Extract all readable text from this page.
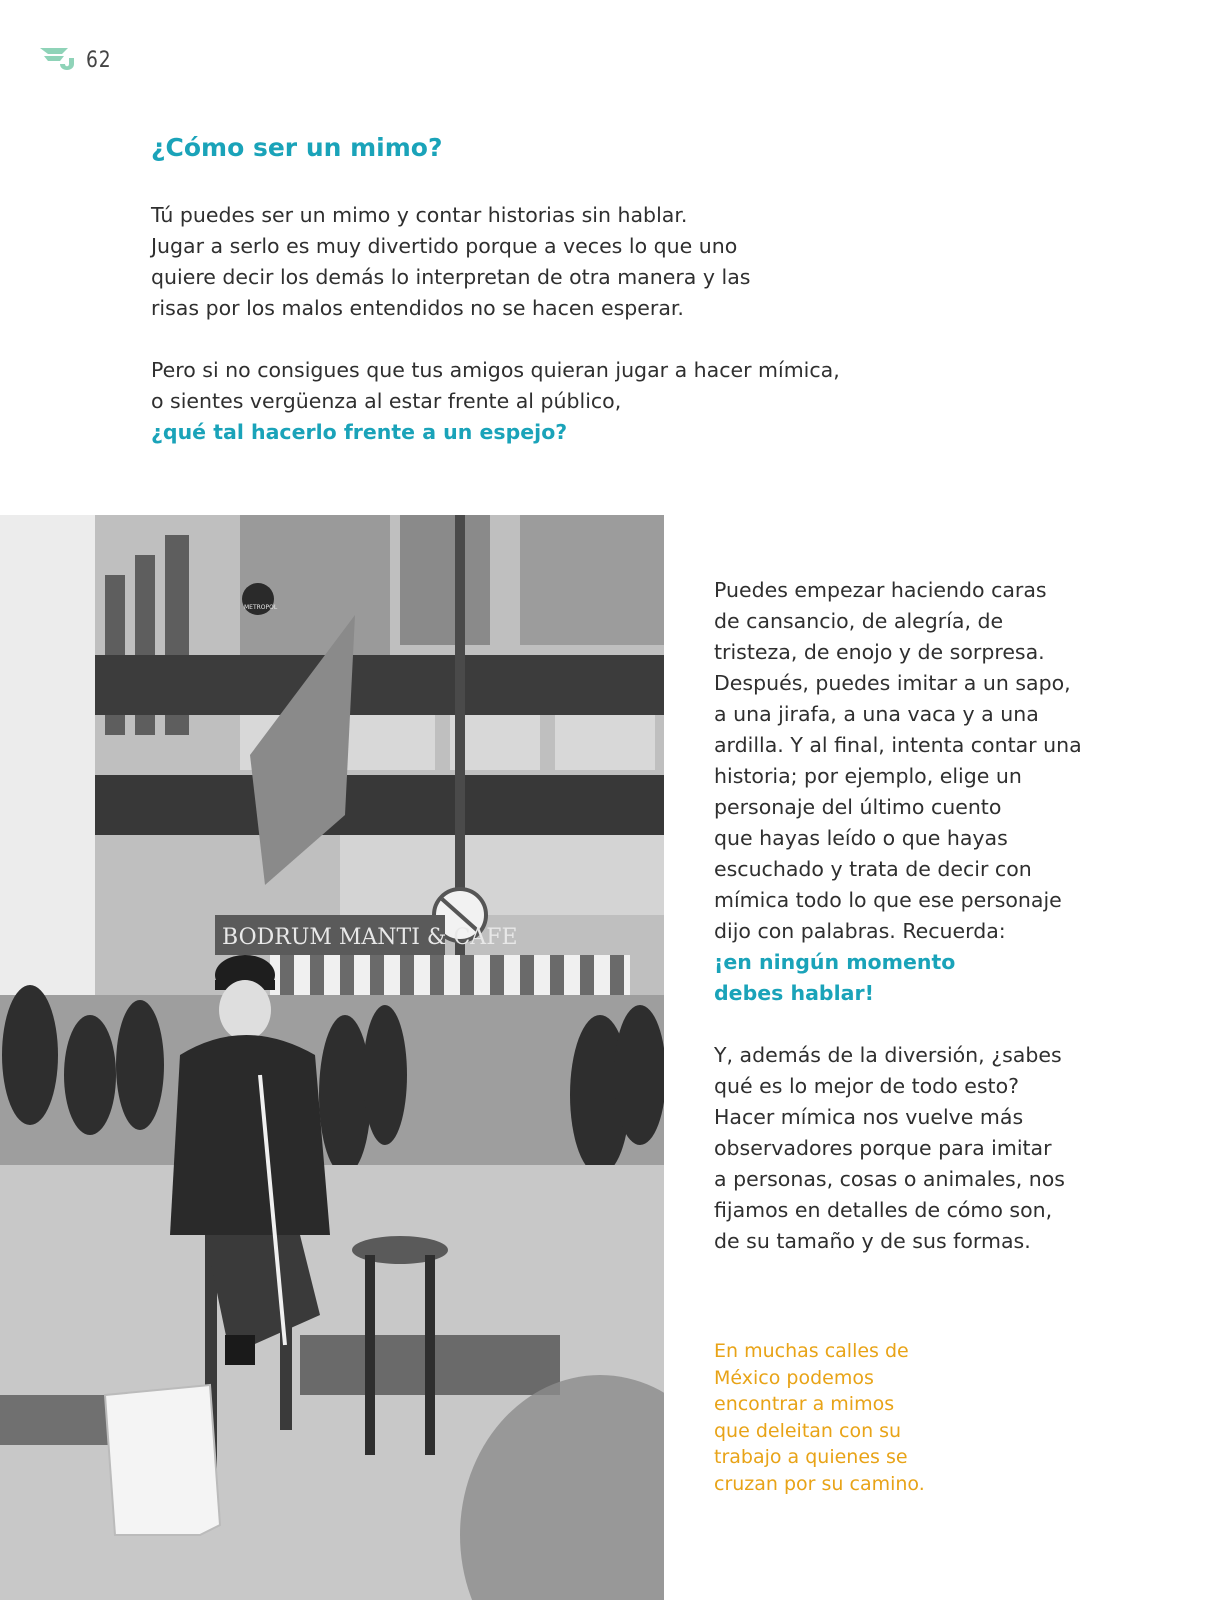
62
¿Cómo ser un mimo?

Tú puedes ser un mimo y contar historias sin hablar.
Jugar a serlo es muy divertido porque a veces lo que uno
quiere decir los demás lo interpretan de otra manera y las
risas por los malos entendidos no se hacen esperar.

Pero si no consigues que tus amigos quieran jugar a hacer mímica,
o sientes vergüenza al estar frente al público,
¿qué tal hacerlo frente a un espejo?

BODRUM MANTI & CAFE
METROPOL

Puedes empezar haciendo caras
de cansancio, de alegría, de
tristeza, de enojo y de sorpresa.
Después, puedes imitar a un sapo,
a una jirafa, a una vaca y a una
ardilla. Y al final, intenta contar una
historia; por ejemplo, elige un
personaje del último cuento
que hayas leído o que hayas
escuchado y trata de decir con
mímica todo lo que ese personaje
dijo con palabras. Recuerda:
¡en ningún momento
debes hablar!

Y, además de la diversión, ¿sabes
qué es lo mejor de todo esto?
Hacer mímica nos vuelve más
observadores porque para imitar
a personas, cosas o animales, nos
fijamos en detalles de cómo son,
de su tamaño y de sus formas.

En muchas calles de
México podemos
encontrar a mimos
que deleitan con su
trabajo a quienes se
cruzan por su camino.
